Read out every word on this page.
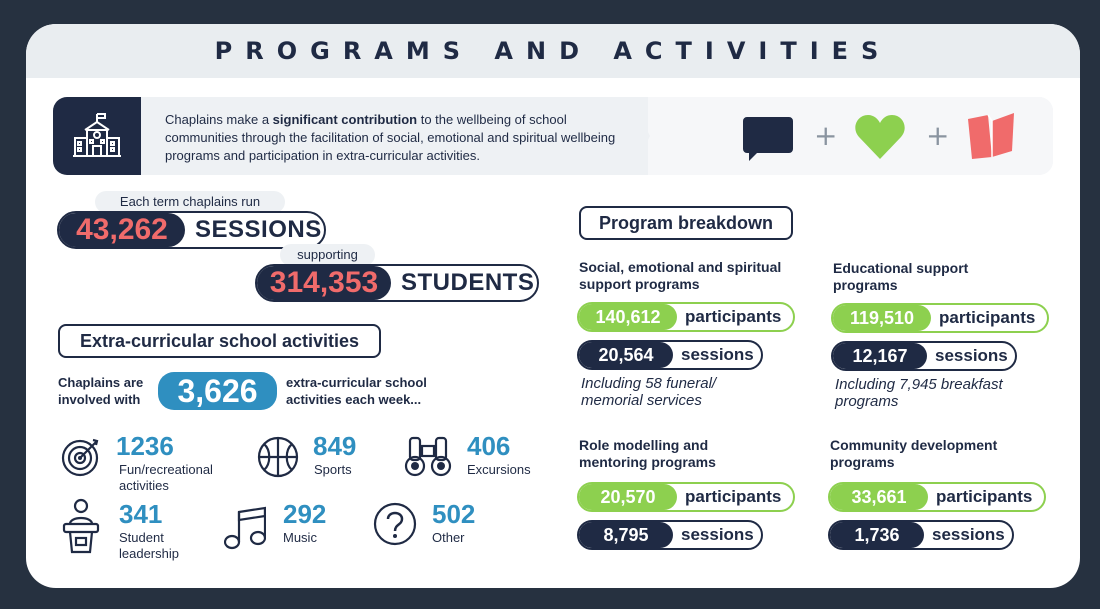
PROGRAMS AND ACTIVITIES
Chaplains make a significant contribution to the wellbeing of school communities through the facilitation of social, emotional and spiritual wellbeing programs and participation in extra-curricular activities.
+	+
Each term chaplains run
43,262	SESSIONS
supporting
314,353 STUDENTS
Extra-curricular school activities
Chaplains are involved with	3,626	extra-curricular school activities each week...
1236
Fun/recreational activities
849
Sports
406
Excursions
341
Student leadership
292
Music
502
Other
Program breakdown
Social, emotional and spiritual support programs
140,612	participants
20,564	sessions
Including 58 funeral/ memorial services
Educational support programs
119,510	participants
12,167	sessions
Including 7,945 breakfast programs
Role modelling and mentoring programs
20,570	participants
8,795	sessions
Community development programs
33,661	participants
1,736	sessions
